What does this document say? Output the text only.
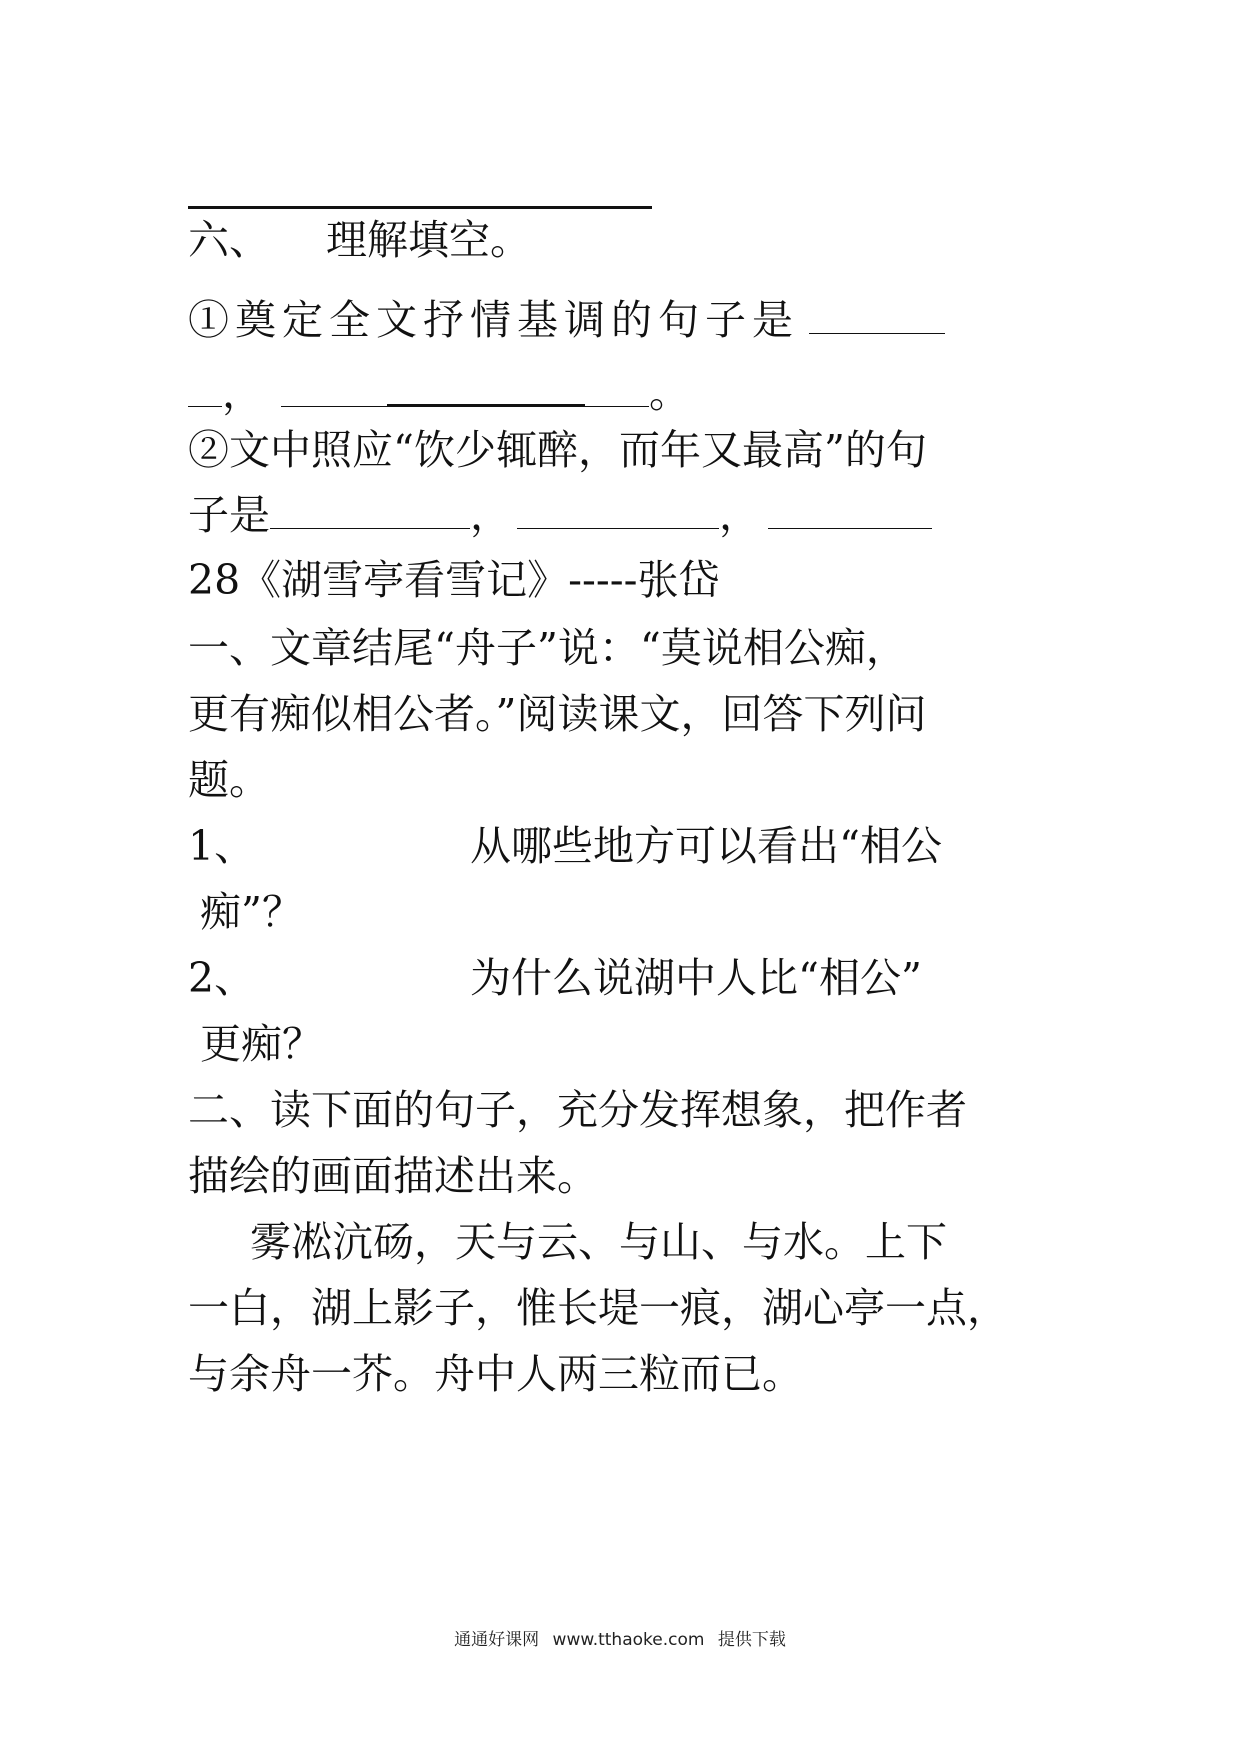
六、 理解填空。
①奠定全文抒情基调的句子是
，	。
②文中照应“饮少辄醉，而年又最高”的句
子是	，	，
28《湖雪亭看雪记》-----张岱
一、文章结尾“舟子”说：“莫说相公痴，
更有痴似相公者。”阅读课文，回答下列问
题。
1、	从哪些地方可以看出“相公
痴”？
2、	为什么说湖中人比“相公”
更痴？
二、读下面的句子，充分发挥想象，把作者
描绘的画面描述出来。
雾凇沆砀，天与云、与山、与水。上下
一白，湖上影子，惟长堤一痕，湖心亭一点，
与余舟一芥。舟中人两三粒而已。
通通好课网 www.tthaoke.com 提供下载
